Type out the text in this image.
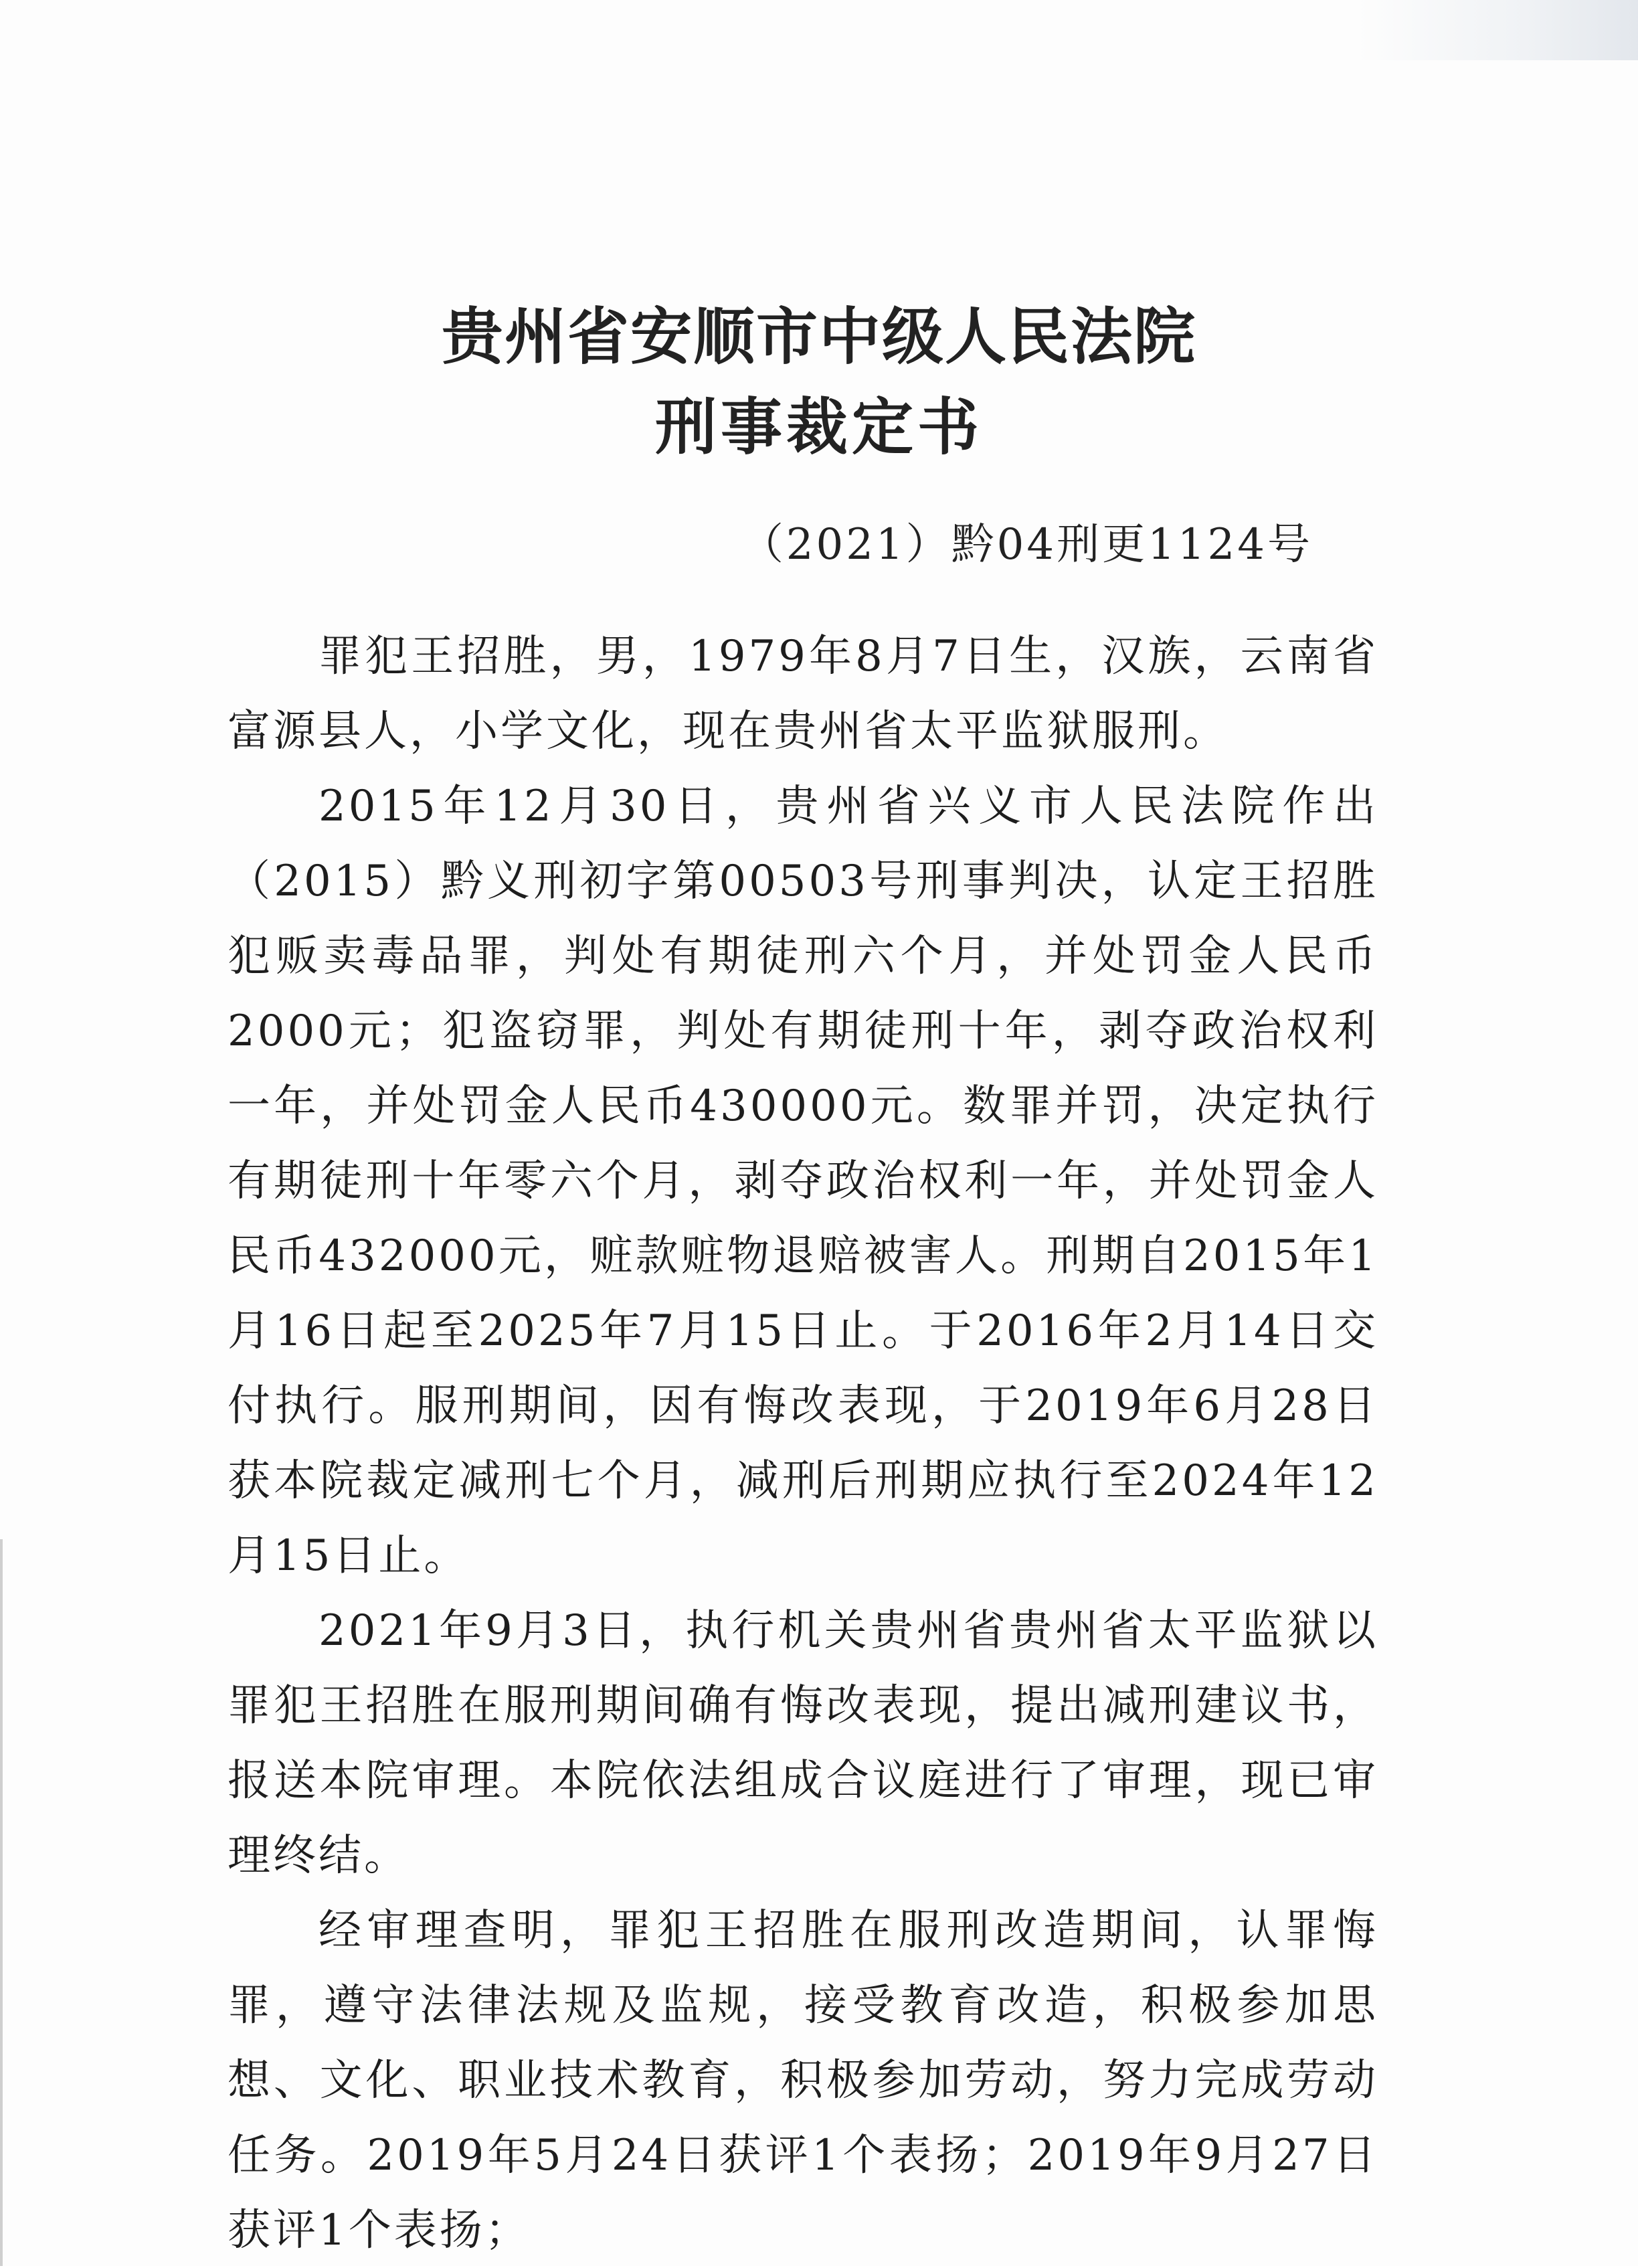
贵州省安顺市中级人民法院
刑事裁定书
（2021）黔04刑更1124号

罪犯王招胜，男，1979年8月7日生，汉族，云南省富源县人，小学文化，现在贵州省太平监狱服刑。

2015年12月30日，贵州省兴义市人民法院作出（2015）黔义刑初字第00503号刑事判决，认定王招胜犯贩卖毒品罪，判处有期徒刑六个月，并处罚金人民币2000元；犯盗窃罪，判处有期徒刑十年，剥夺政治权利一年，并处罚金人民币430000元。数罪并罚，决定执行有期徒刑十年零六个月，剥夺政治权利一年，并处罚金人民币432000元，赃款赃物退赔被害人。刑期自2015年1月16日起至2025年7月15日止。于2016年2月14日交付执行。服刑期间，因有悔改表现，于2019年6月28日获本院裁定减刑七个月，减刑后刑期应执行至2024年12月15日止。

2021年9月3日，执行机关贵州省贵州省太平监狱以罪犯王招胜在服刑期间确有悔改表现，提出减刑建议书，报送本院审理。本院依法组成合议庭进行了审理，现已审理终结。

经审理查明，罪犯王招胜在服刑改造期间，认罪悔罪，遵守法律法规及监规，接受教育改造，积极参加思想、文化、职业技术教育，积极参加劳动，努力完成劳动任务。2019年5月24日获评1个表扬；2019年9月27日获评1个表扬；
